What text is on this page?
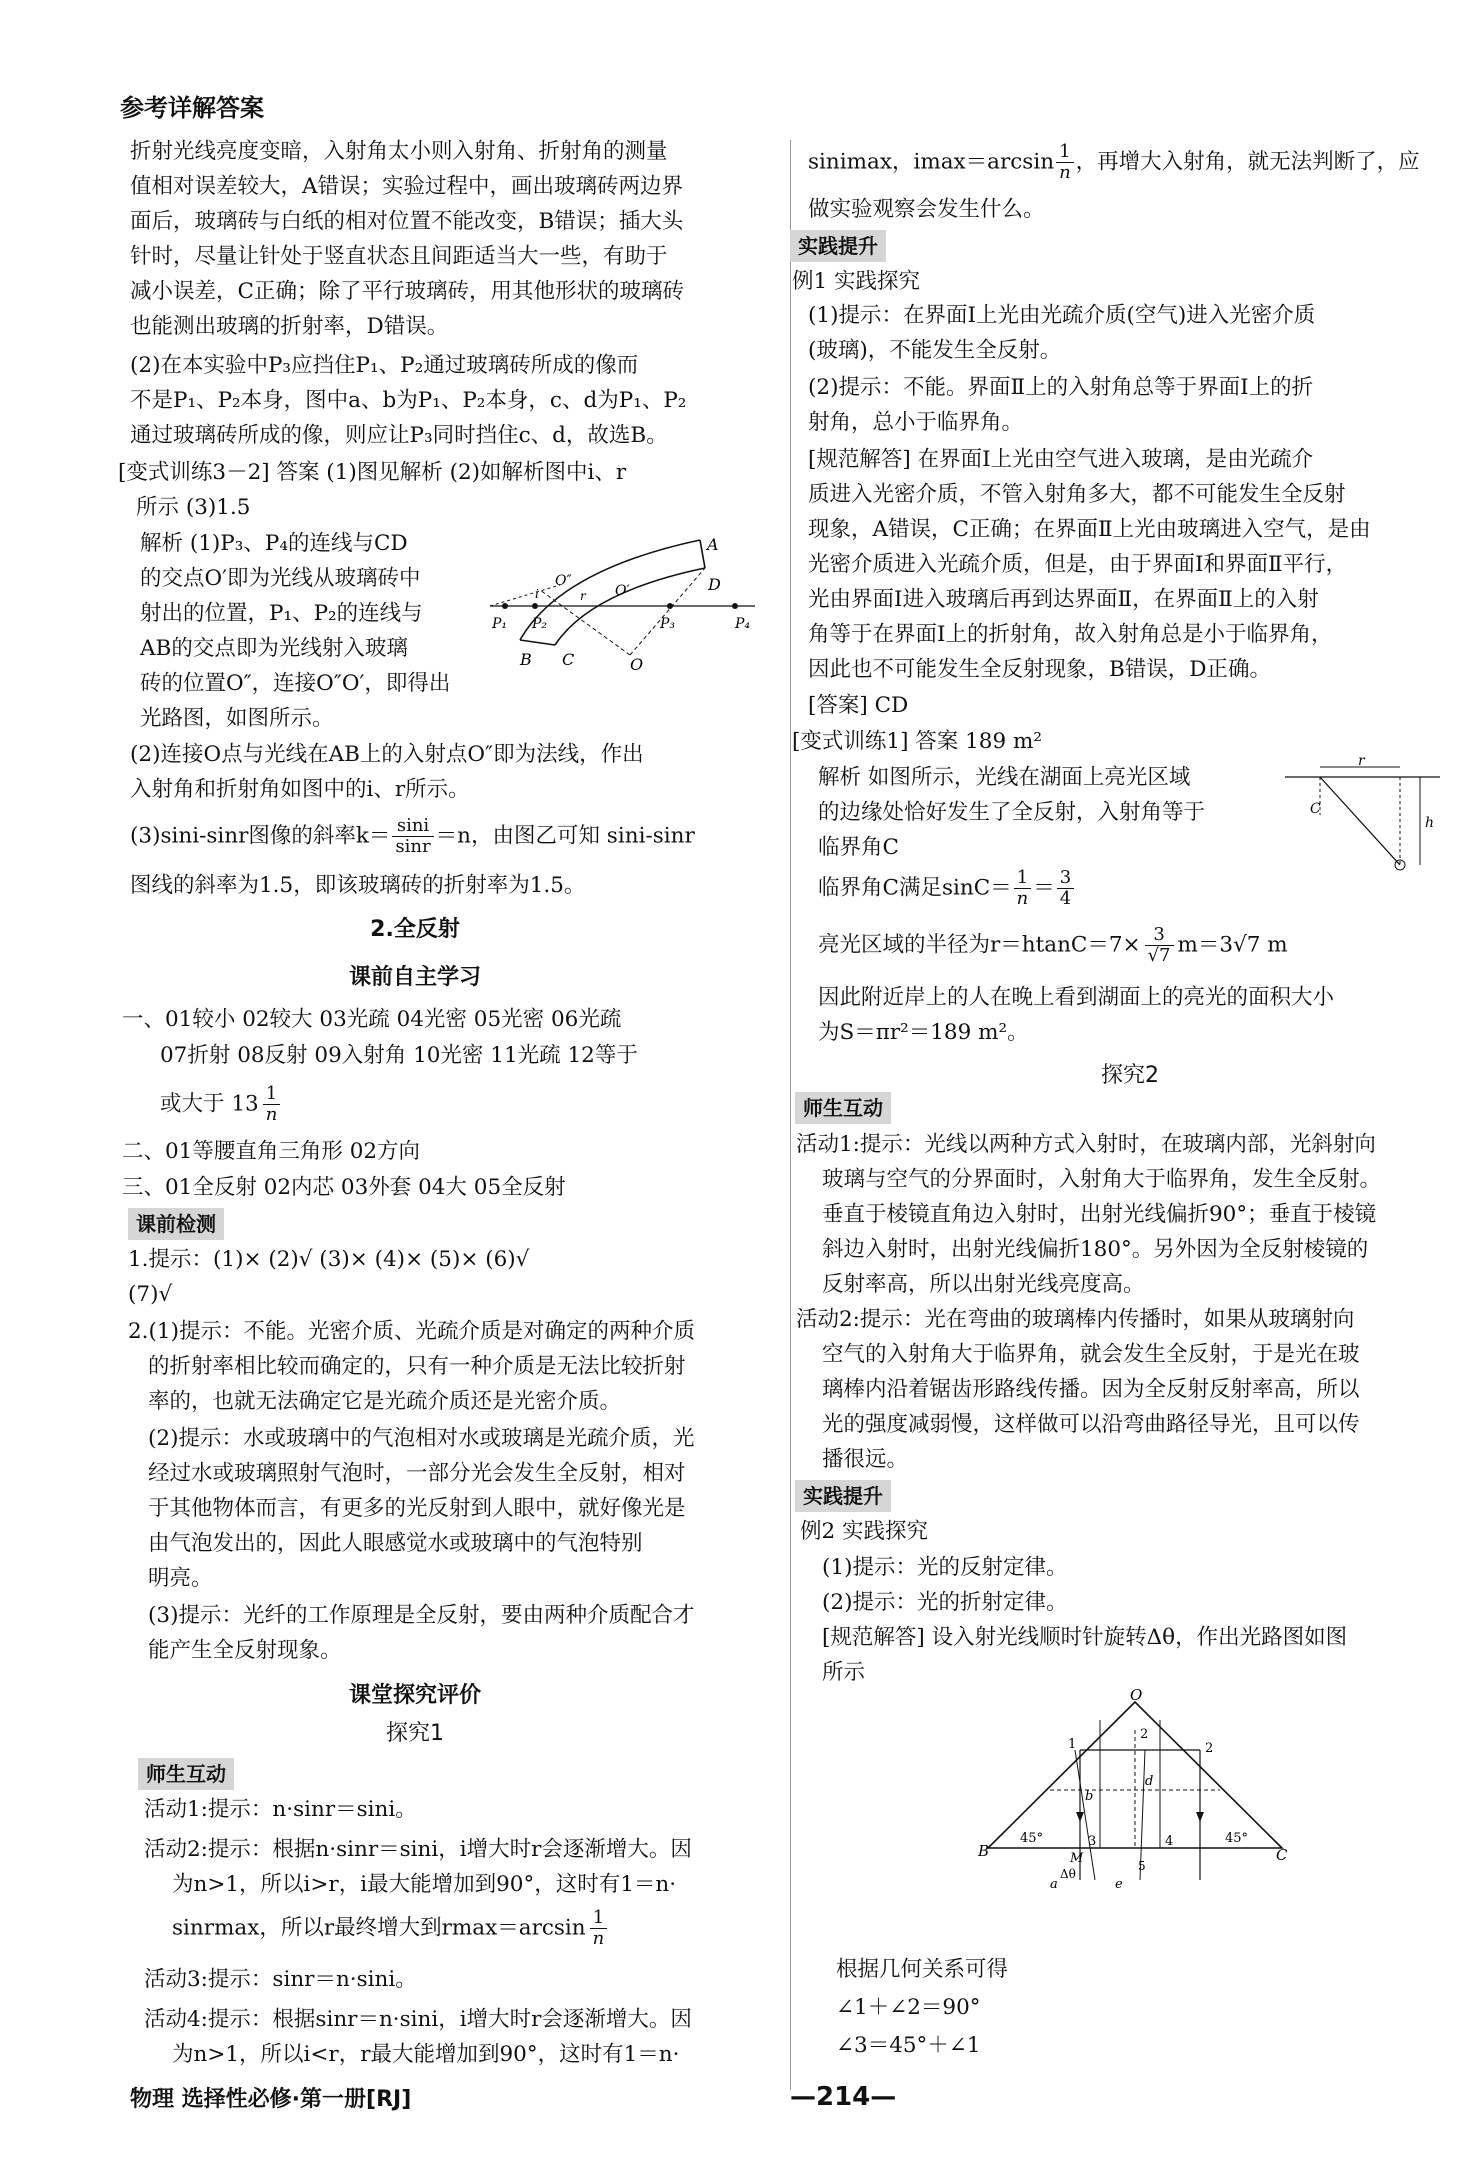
参考详解答案
折射光线亮度变暗，入射角太小则入射角、折射角的测量
值相对误差较大，A错误；实验过程中，画出玻璃砖两边界
面后，玻璃砖与白纸的相对位置不能改变，B错误；插大头
针时，尽量让针处于竖直状态且间距适当大一些，有助于
减小误差，C正确；除了平行玻璃砖，用其他形状的玻璃砖
也能测出玻璃的折射率，D错误。
(2)在本实验中P₃应挡住P₁、P₂通过玻璃砖所成的像而
不是P₁、P₂本身，图中a、b为P₁、P₂本身，c、d为P₁、P₂
通过玻璃砖所成的像，则应让P₃同时挡住c、d，故选B。
[变式训练3－2] 答案 (1)图见解析 (2)如解析图中i、r
所示 (3)1.5
解析 (1)P₃、P₄的连线与CD
的交点O′即为光线从玻璃砖中
射出的位置，P₁、P₂的连线与
AB的交点即为光线射入玻璃
砖的位置O″，连接O″O′，即得出
光路图，如图所示。
A
D
O″
O′
i	r
P₁ P₂	P₃	P₄
B C	O
(2)连接O点与光线在AB上的入射点O″即为法线，作出
入射角和折射角如图中的i、r所示。
(3)sini-sinr图像的斜率$k= \frac{\sin i}{\sin r} =n$，由图乙可知 sini-sinr
图线的斜率为1.5，即该玻璃砖的折射率为1.5。
2.全反射
课前自主学习
一、01较小 02较大 03光疏 04光密 05光密 06光疏
07折射 08反射 09入射角 10光密 11光疏 12等于
或大于 $13 \frac{1}{n}$
二、01等腰直角三角形 02方向
三、01全反射 02内芯 03外套 04大 05全反射
课前检测
1.提示：(1)× (2)√ (3)× (4)× (5)× (6)√
(7)√
2.(1)提示：不能。光密介质、光疏介质是对确定的两种介质
的折射率相比较而确定的，只有一种介质是无法比较折射
率的，也就无法确定它是光疏介质还是光密介质。
(2)提示：水或玻璃中的气泡相对水或玻璃是光疏介质，光
经过水或玻璃照射气泡时，一部分光会发生全反射，相对
于其他物体而言，有更多的光反射到人眼中，就好像光是
由气泡发出的，因此人眼感觉水或玻璃中的气泡特别
明亮。
(3)提示：光纤的工作原理是全反射，要由两种介质配合才
能产生全反射现象。
课堂探究评价
探究1
师生互动
活动1:提示：n·sinr＝sini。
活动2:提示：根据n·sinr＝sini，i增大时r会逐渐增大。因
为n>1，所以i>r，i最大能增加到90°，这时有1＝n·
sinrmax，所以r最终增大到$rmax=\arcsin \frac{1}{n}$
活动3:提示：sinr＝n·sini。
活动4:提示：根据sinr＝n·sini，i增大时r会逐渐增大。因
为n>1，所以i<r，r最大能增加到90°，这时有1＝n·
sinimax，$imax=\arcsin \frac{1}{n}$ ，再增大入射角，就无法判断了，应
做实验观察会发生什么。
实践提升
例1 实践探究
(1)提示：在界面Ⅰ上光由光疏介质(空气)进入光密介质
(玻璃)，不能发生全反射。
(2)提示：不能。界面Ⅱ上的入射角总等于界面Ⅰ上的折
射角，总小于临界角。
[规范解答] 在界面Ⅰ上光由空气进入玻璃，是由光疏介
质进入光密介质，不管入射角多大，都不可能发生全反射
现象，A错误，C正确；在界面Ⅱ上光由玻璃进入空气，是由
光密介质进入光疏介质，但是，由于界面Ⅰ和界面Ⅱ平行，
光由界面Ⅰ进入玻璃后再到达界面Ⅱ，在界面Ⅱ上的入射
角等于在界面Ⅰ上的折射角，故入射角总是小于临界角，
因此也不可能发生全反射现象，B错误，D正确。
[答案] CD
[变式训练1] 答案 189 m²
解析 如图所示，光线在湖面上亮光区域
的边缘处恰好发生了全反射，入射角等于
临界角C
r
C
h
临界角C满足$\sin C= \frac{1}{n} = \frac{3}{4}$
亮光区域的半径为$r=htanC=7\times \frac{3}{√7} m=3√7$ m
因此附近岸上的人在晚上看到湖面上的亮光的面积大小
为S＝πr²＝189 m²。
探究2
师生互动
活动1:提示：光线以两种方式入射时，在玻璃内部，光斜射向
玻璃与空气的分界面时，入射角大于临界角，发生全反射。
垂直于棱镜直角边入射时，出射光线偏折90°；垂直于棱镜
斜边入射时，出射光线偏折180°。另外因为全反射棱镜的
反射率高，所以出射光线亮度高。
活动2:提示：光在弯曲的玻璃棒内传播时，如果从玻璃射向
空气的入射角大于临界角，就会发生全反射，于是光在玻
璃棒内沿着锯齿形路线传播。因为全反射反射率高，所以
光的强度减弱慢，这样做可以沿弯曲路径导光，且可以传
播很远。
实践提升
例2 实践探究
(1)提示：光的反射定律。
(2)提示：光的折射定律。
[规范解答] 设入射光线顺时针旋转Δθ，作出光路图如图
所示
O
1
2
2
b
d
B
45°	45°
C
M
3	4
Δθ
5
a	e
根据几何关系可得
∠1＋∠2＝90°
∠3＝45°＋∠1
物理 选择性必修·第一册[RJ]	—214—
